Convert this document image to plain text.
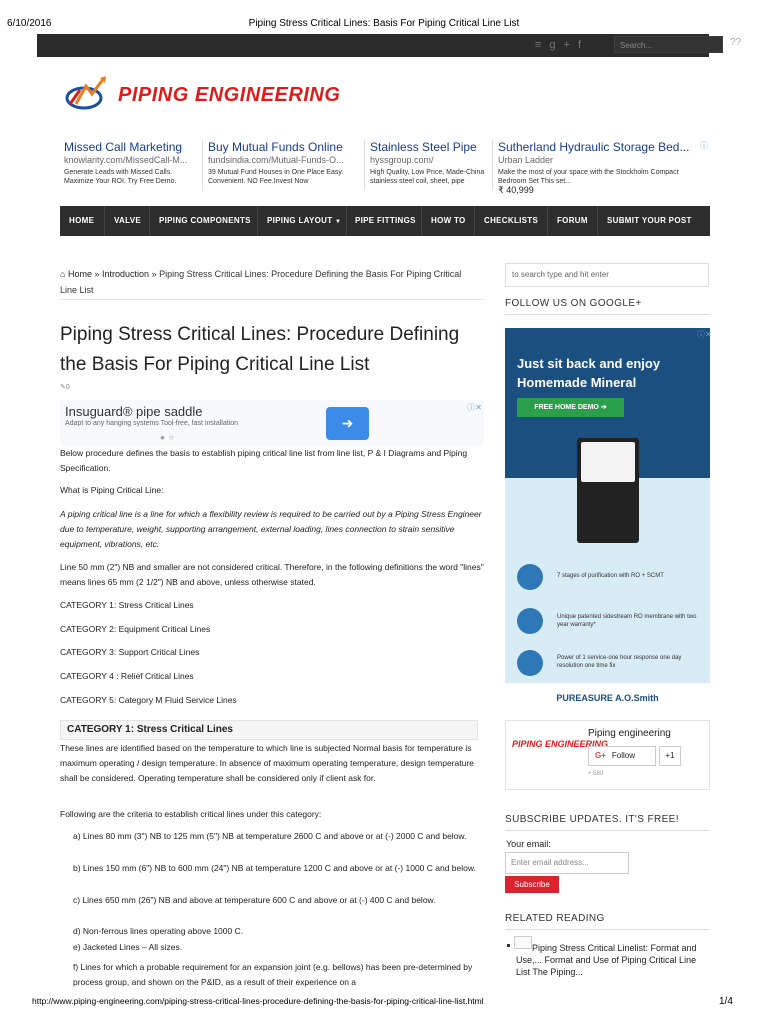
6/10/2016	Piping Stress Critical Lines: Basis For Piping Critical Line List
≡g+f	Search...	??
PIPING ENGINEERING
Missed Call Marketing
knowlarity.com/MissedCall-M...
Generate Leads with Missed Calls. Maximize Your ROI. Try Free Demo.
Buy Mutual Funds Online
fundsindia.com/Mutual-Funds-O...
39 Mutual Fund Houses in One Place Easy. Convenient. NO Fee.Invest Now
Stainless Steel Pipe
hyssgroup.com/
High Quality, Low Price, Made-China stainless steel coil, sheet, pipe
Sutherland Hydraulic Storage Bed...
Urban Ladder
Make the most of your space with the Stockholm Compact Bedroom Set This set...
₹ 40,999
ⓘ
HOME VALVE PIPING COMPONENTS PIPING LAYOUT ▼ PIPE FITTINGS HOW TO CHECKLISTS FORUM SUBMIT YOUR POST
⌂ Home » Introduction » Piping Stress Critical Lines: Procedure Defining the Basis For Piping Critical Line List
Piping Stress Critical Lines: Procedure Defining the Basis For Piping Critical Line List
✎0
Insuguard® pipe saddle
Adapt to any hanging systems Tool-free, fast installation
●○
➜
ⓘ✕
Below procedure defines the basis to establish piping critical line list from line list, P & I Diagrams and Piping Specification.
What is Piping Critical Line:
A piping critical line is a line for which a flexibility review is required to be carried out by a Piping Stress Engineer due to temperature, weight, supporting arrangement, external loading, lines connection to strain sensitive equipment, vibrations, etc.
Line 50 mm (2") NB and smaller are not considered critical. Therefore, in the following definitions the word "lines" means lines 65 mm (2 1/2") NB and above, unless otherwise stated.
CATEGORY 1: Stress Critical Lines
CATEGORY 2: Equipment Critical Lines
CATEGORY 3: Support Critical Lines
CATEGORY 4 : Relief Critical Lines
CATEGORY 5: Category M Fluid Service Lines
CATEGORY 1: Stress Critical Lines
These lines are identified based on the temperature to which line is subjected Normal basis for temperature is maximum operating / design temperature. In absence of maximum operating temperature, design temperature shall be considered. Operating temperature shall be considered only if client ask for.
Following are the criteria to establish critical lines under this category:
a) Lines 80 mm (3") NB to 125 mm (5") NB at temperature 2600 C and above or at (-) 2000 C and below.
b) Lines 150 mm (6") NB to 600 mm (24") NB at temperature 1200 C and above or at (-) 1000 C and below.
c) Lines 650 mm (26") NB and above at temperature 600 C and above or at (-) 400 C and below.
d) Non-ferrous lines operating above 1000 C.
e) Jacketed Lines – All sizes.
f) Lines for which a probable requirement for an expansion joint (e.g. bellows) has been pre-determined by process group, and shown on the P&ID, as a result of their experience on a
to search type and hit enter
FOLLOW US ON GOOGLE+
Just sit back and enjoy Homemade Mineral
FREE HOME DEMO ➔
7 stages of purification with RO + SCMT
Unique patented sidestream RO membrane with two year warranty*
Power of 1 service-one hour response one day resolution one time fix
PUREASURE A.O.Smith
ⓘ✕
PIPING ENGINEERING
Piping engineering
G+ Follow	+1
+ 580
SUBSCRIBE UPDATES. IT'S FREE!
Your email:
Enter email address...
Subscribe
RELATED READING
Piping Stress Critical Linelist: Format and Use,... Format and Use of Piping Critical Line List The Piping...
http://www.piping-engineering.com/piping-stress-critical-lines-procedure-defining-the-basis-for-piping-critical-line-list.html	1/4
